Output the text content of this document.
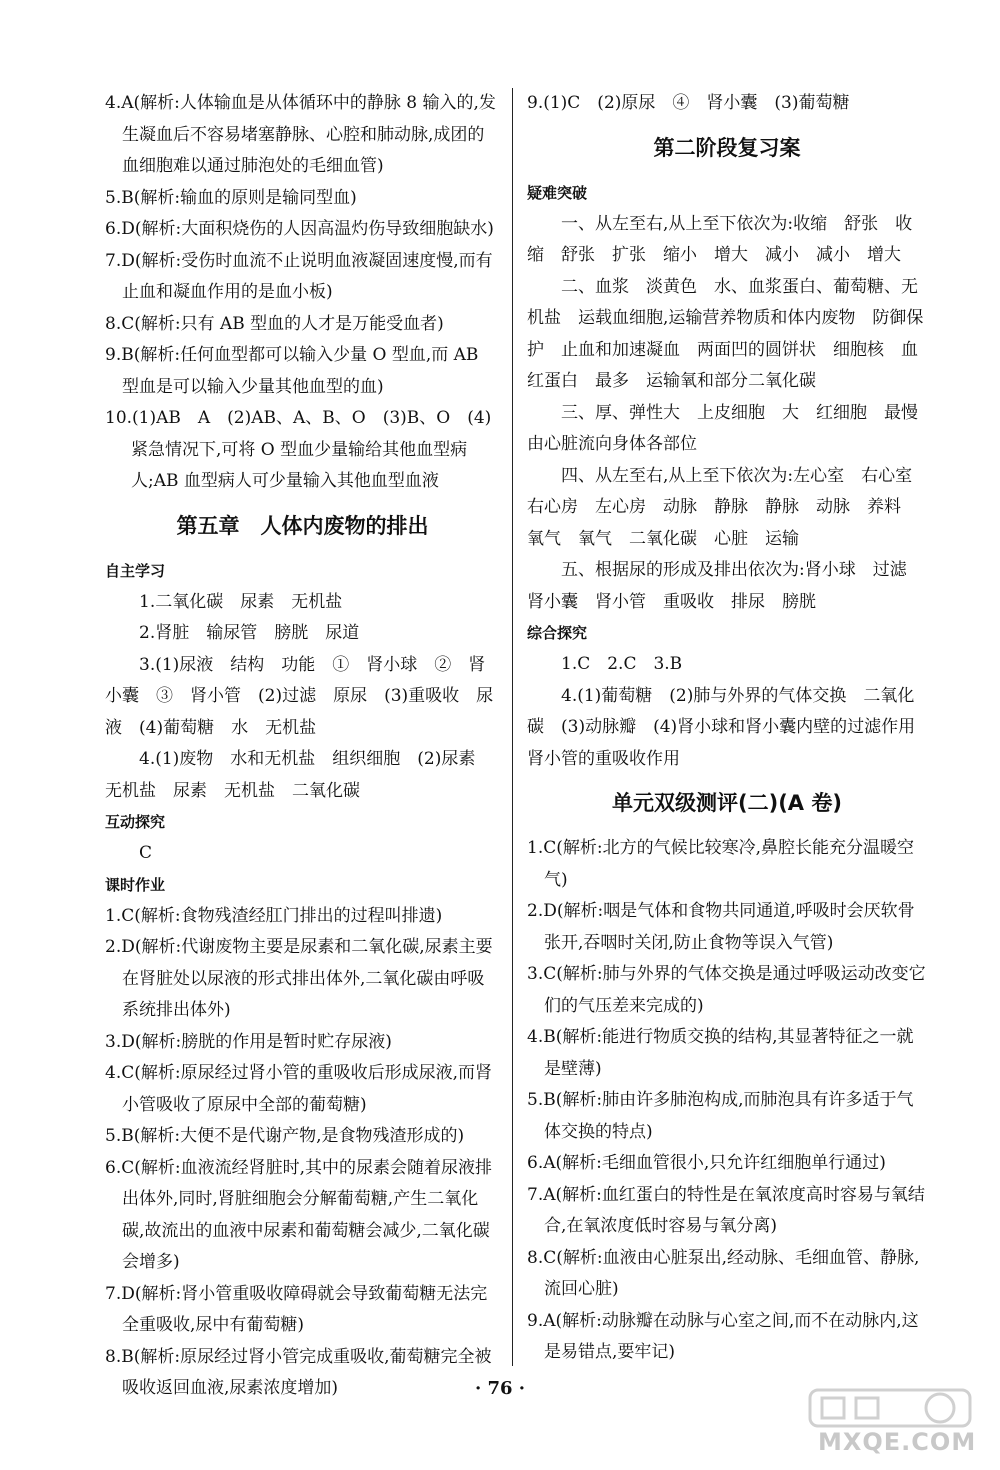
4.A(解析:人体输血是从体循环中的静脉 8 输入的,发生凝血后不容易堵塞静脉、心腔和肺动脉,成团的血细胞难以通过肺泡处的毛细血管)
5.B(解析:输血的原则是输同型血)
6.D(解析:大面积烧伤的人因高温灼伤导致细胞缺水)
7.D(解析:受伤时血流不止说明血液凝固速度慢,而有止血和凝血作用的是血小板)
8.C(解析:只有 AB 型血的人才是万能受血者)
9.B(解析:任何血型都可以输入少量 O 型血,而 AB 型血是可以输入少量其他血型的血)
10.(1)AB　A　(2)AB、A、B、O　(3)B、O　(4)紧急情况下,可将 O 型血少量输给其他血型病人;AB 血型病人可少量输入其他血型血液
第五章　人体内废物的排出
自主学习
1.二氧化碳　尿素　无机盐
2.肾脏　输尿管　膀胱　尿道
3.(1)尿液　结构　功能　①　肾小球　②　肾小囊　③　肾小管　(2)过滤　原尿　(3)重吸收　尿液　(4)葡萄糖　水　无机盐
4.(1)废物　水和无机盐　组织细胞　(2)尿素　无机盐　尿素　无机盐　二氧化碳
互动探究
C
课时作业
1.C(解析:食物残渣经肛门排出的过程叫排遗)
2.D(解析:代谢废物主要是尿素和二氧化碳,尿素主要在肾脏处以尿液的形式排出体外,二氧化碳由呼吸系统排出体外)
3.D(解析:膀胱的作用是暂时贮存尿液)
4.C(解析:原尿经过肾小管的重吸收后形成尿液,而肾小管吸收了原尿中全部的葡萄糖)
5.B(解析:大便不是代谢产物,是食物残渣形成的)
6.C(解析:血液流经肾脏时,其中的尿素会随着尿液排出体外,同时,肾脏细胞会分解葡萄糖,产生二氧化碳,故流出的血液中尿素和葡萄糖会减少,二氧化碳会增多)
7.D(解析:肾小管重吸收障碍就会导致葡萄糖无法完全重吸收,尿中有葡萄糖)
8.B(解析:原尿经过肾小管完成重吸收,葡萄糖完全被吸收返回血液,尿素浓度增加)
9.(1)C　(2)原尿　④　肾小囊　(3)葡萄糖
第二阶段复习案
疑难突破
一、从左至右,从上至下依次为:收缩　舒张　收缩　舒张　扩张　缩小　增大　减小　减小　增大
二、血浆　淡黄色　水、血浆蛋白、葡萄糖、无机盐　运载血细胞,运输营养物质和体内废物　防御保护　止血和加速凝血　两面凹的圆饼状　细胞核　血红蛋白　最多　运输氧和部分二氧化碳
三、厚、弹性大　上皮细胞　大　红细胞　最慢　由心脏流向身体各部位
四、从左至右,从上至下依次为:左心室　右心室　右心房　左心房　动脉　静脉　静脉　动脉　养料　氧气　氧气　二氧化碳　心脏　运输
五、根据尿的形成及排出依次为:肾小球　过滤　肾小囊　肾小管　重吸收　排尿　膀胱
综合探究
1.C　2.C　3.B
4.(1)葡萄糖　(2)肺与外界的气体交换　二氧化碳　(3)动脉瓣　(4)肾小球和肾小囊内壁的过滤作用　肾小管的重吸收作用
单元双级测评(二)(A 卷)
1.C(解析:北方的气候比较寒冷,鼻腔长能充分温暖空气)
2.D(解析:咽是气体和食物共同通道,呼吸时会厌软骨张开,吞咽时关闭,防止食物等误入气管)
3.C(解析:肺与外界的气体交换是通过呼吸运动改变它们的气压差来完成的)
4.B(解析:能进行物质交换的结构,其显著特征之一就是壁薄)
5.B(解析:肺由许多肺泡构成,而肺泡具有许多适于气体交换的特点)
6.A(解析:毛细血管很小,只允许红细胞单行通过)
7.A(解析:血红蛋白的特性是在氧浓度高时容易与氧结合,在氧浓度低时容易与氧分离)
8.C(解析:血液由心脏泵出,经动脉、毛细血管、静脉,流回心脏)
9.A(解析:动脉瓣在动脉与心室之间,而不在动脉内,这是易错点,要牢记)
· 76 ·
MXQE.COM
